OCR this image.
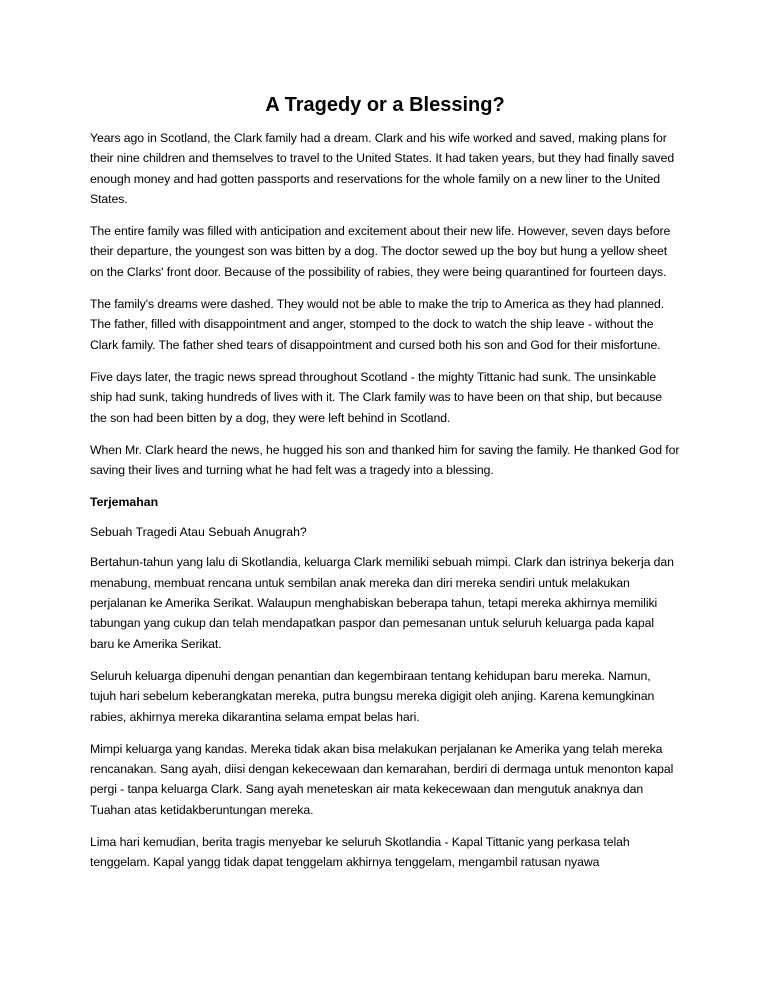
A Tragedy or a Blessing?

Years ago in Scotland, the Clark family had a dream. Clark and his wife worked and saved, making plans for their nine children and themselves to travel to the United States. It had taken years, but they had finally saved enough money and had gotten passports and reservations for the whole family on a new liner to the United States.

The entire family was filled with anticipation and excitement about their new life. However, seven days before their departure, the youngest son was bitten by a dog. The doctor sewed up the boy but hung a yellow sheet on the Clarks' front door. Because of the possibility of rabies, they were being quarantined for fourteen days.

The family's dreams were dashed. They would not be able to make the trip to America as they had planned. The father, filled with disappointment and anger, stomped to the dock to watch the ship leave - without the Clark family. The father shed tears of disappointment and cursed both his son and God for their misfortune.

Five days later, the tragic news spread throughout Scotland - the mighty Tittanic had sunk. The unsinkable ship had sunk, taking hundreds of lives with it. The Clark family was to have been on that ship, but because the son had been bitten by a dog, they were left behind in Scotland.

When Mr. Clark heard the news, he hugged his son and thanked him for saving the family. He thanked God for saving their lives and turning what he had felt was a tragedy into a blessing.

Terjemahan

Sebuah Tragedi Atau Sebuah Anugrah?

Bertahun-tahun yang lalu di Skotlandia, keluarga Clark memiliki sebuah mimpi. Clark dan istrinya bekerja dan menabung, membuat rencana untuk sembilan anak mereka dan diri mereka sendiri untuk melakukan perjalanan ke Amerika Serikat. Walaupun menghabiskan beberapa tahun, tetapi mereka akhirnya memiliki tabungan yang cukup dan telah mendapatkan paspor dan pemesanan untuk seluruh keluarga pada kapal baru ke Amerika Serikat.

Seluruh keluarga dipenuhi dengan penantian dan kegembiraan tentang kehidupan baru mereka. Namun, tujuh hari sebelum keberangkatan mereka, putra bungsu mereka digigit oleh anjing. Karena kemungkinan rabies, akhirnya mereka dikarantina selama empat belas hari.

Mimpi keluarga yang kandas. Mereka tidak akan bisa melakukan perjalanan ke Amerika yang telah mereka rencanakan. Sang ayah, diisi dengan kekecewaan dan kemarahan, berdiri di dermaga untuk menonton kapal pergi - tanpa keluarga Clark. Sang ayah meneteskan air mata kekecewaan dan mengutuk anaknya dan Tuahan atas ketidakberuntungan mereka.

Lima hari kemudian, berita tragis menyebar ke seluruh Skotlandia - Kapal Tittanic yang perkasa telah tenggelam. Kapal yangg tidak dapat tenggelam akhirnya tenggelam, mengambil ratusan nyawa
